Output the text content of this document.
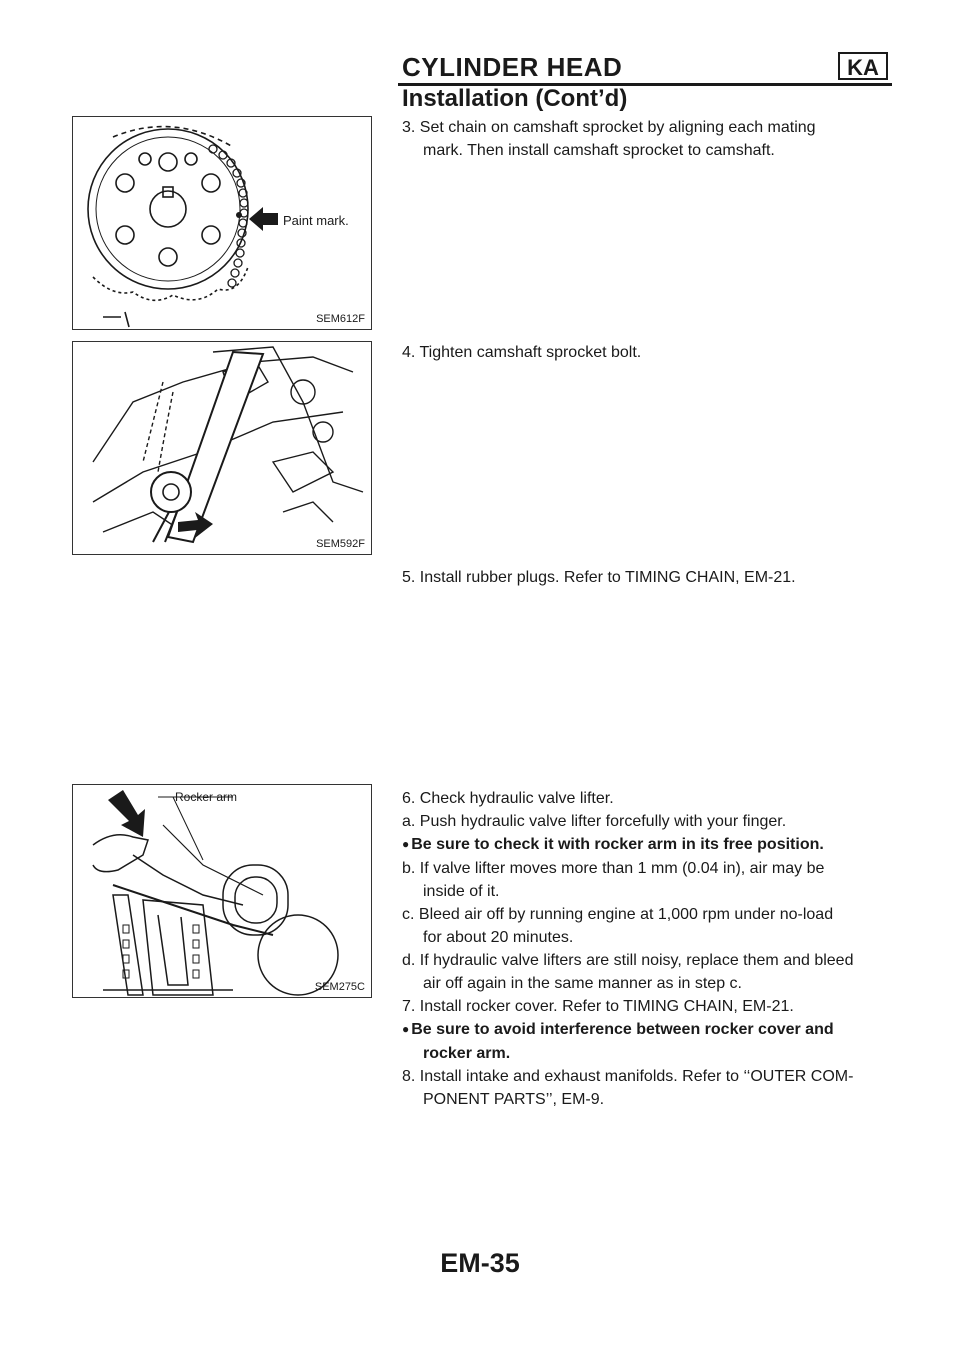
CYLINDER HEAD	KA
Installation (Cont’d)
Paint mark.
SEM612F
SEM592F
Rocker arm
SEM275C

3. Set chain on camshaft sprocket by aligning each mating

mark. Then install camshaft sprocket to camshaft.

4. Tighten camshaft sprocket bolt.

5. Install rubber plugs. Refer to TIMING CHAIN, EM-21.

6. Check hydraulic valve lifter.

a. Push hydraulic valve lifter forcefully with your finger.

● Be sure to check it with rocker arm in its free position.

b. If valve lifter moves more than 1 mm (0.04 in), air may be

inside of it.

c. Bleed air off by running engine at 1,000 rpm under no-load

for about 20 minutes.

d. If hydraulic valve lifters are still noisy, replace them and bleed

air off again in the same manner as in step c.

7. Install rocker cover. Refer to TIMING CHAIN, EM-21.

● Be sure to avoid interference between rocker cover and

rocker arm.

8. Install intake and exhaust manifolds. Refer to ‘‘OUTER COM-

PONENT PARTS’’, EM-9.

EM-35
